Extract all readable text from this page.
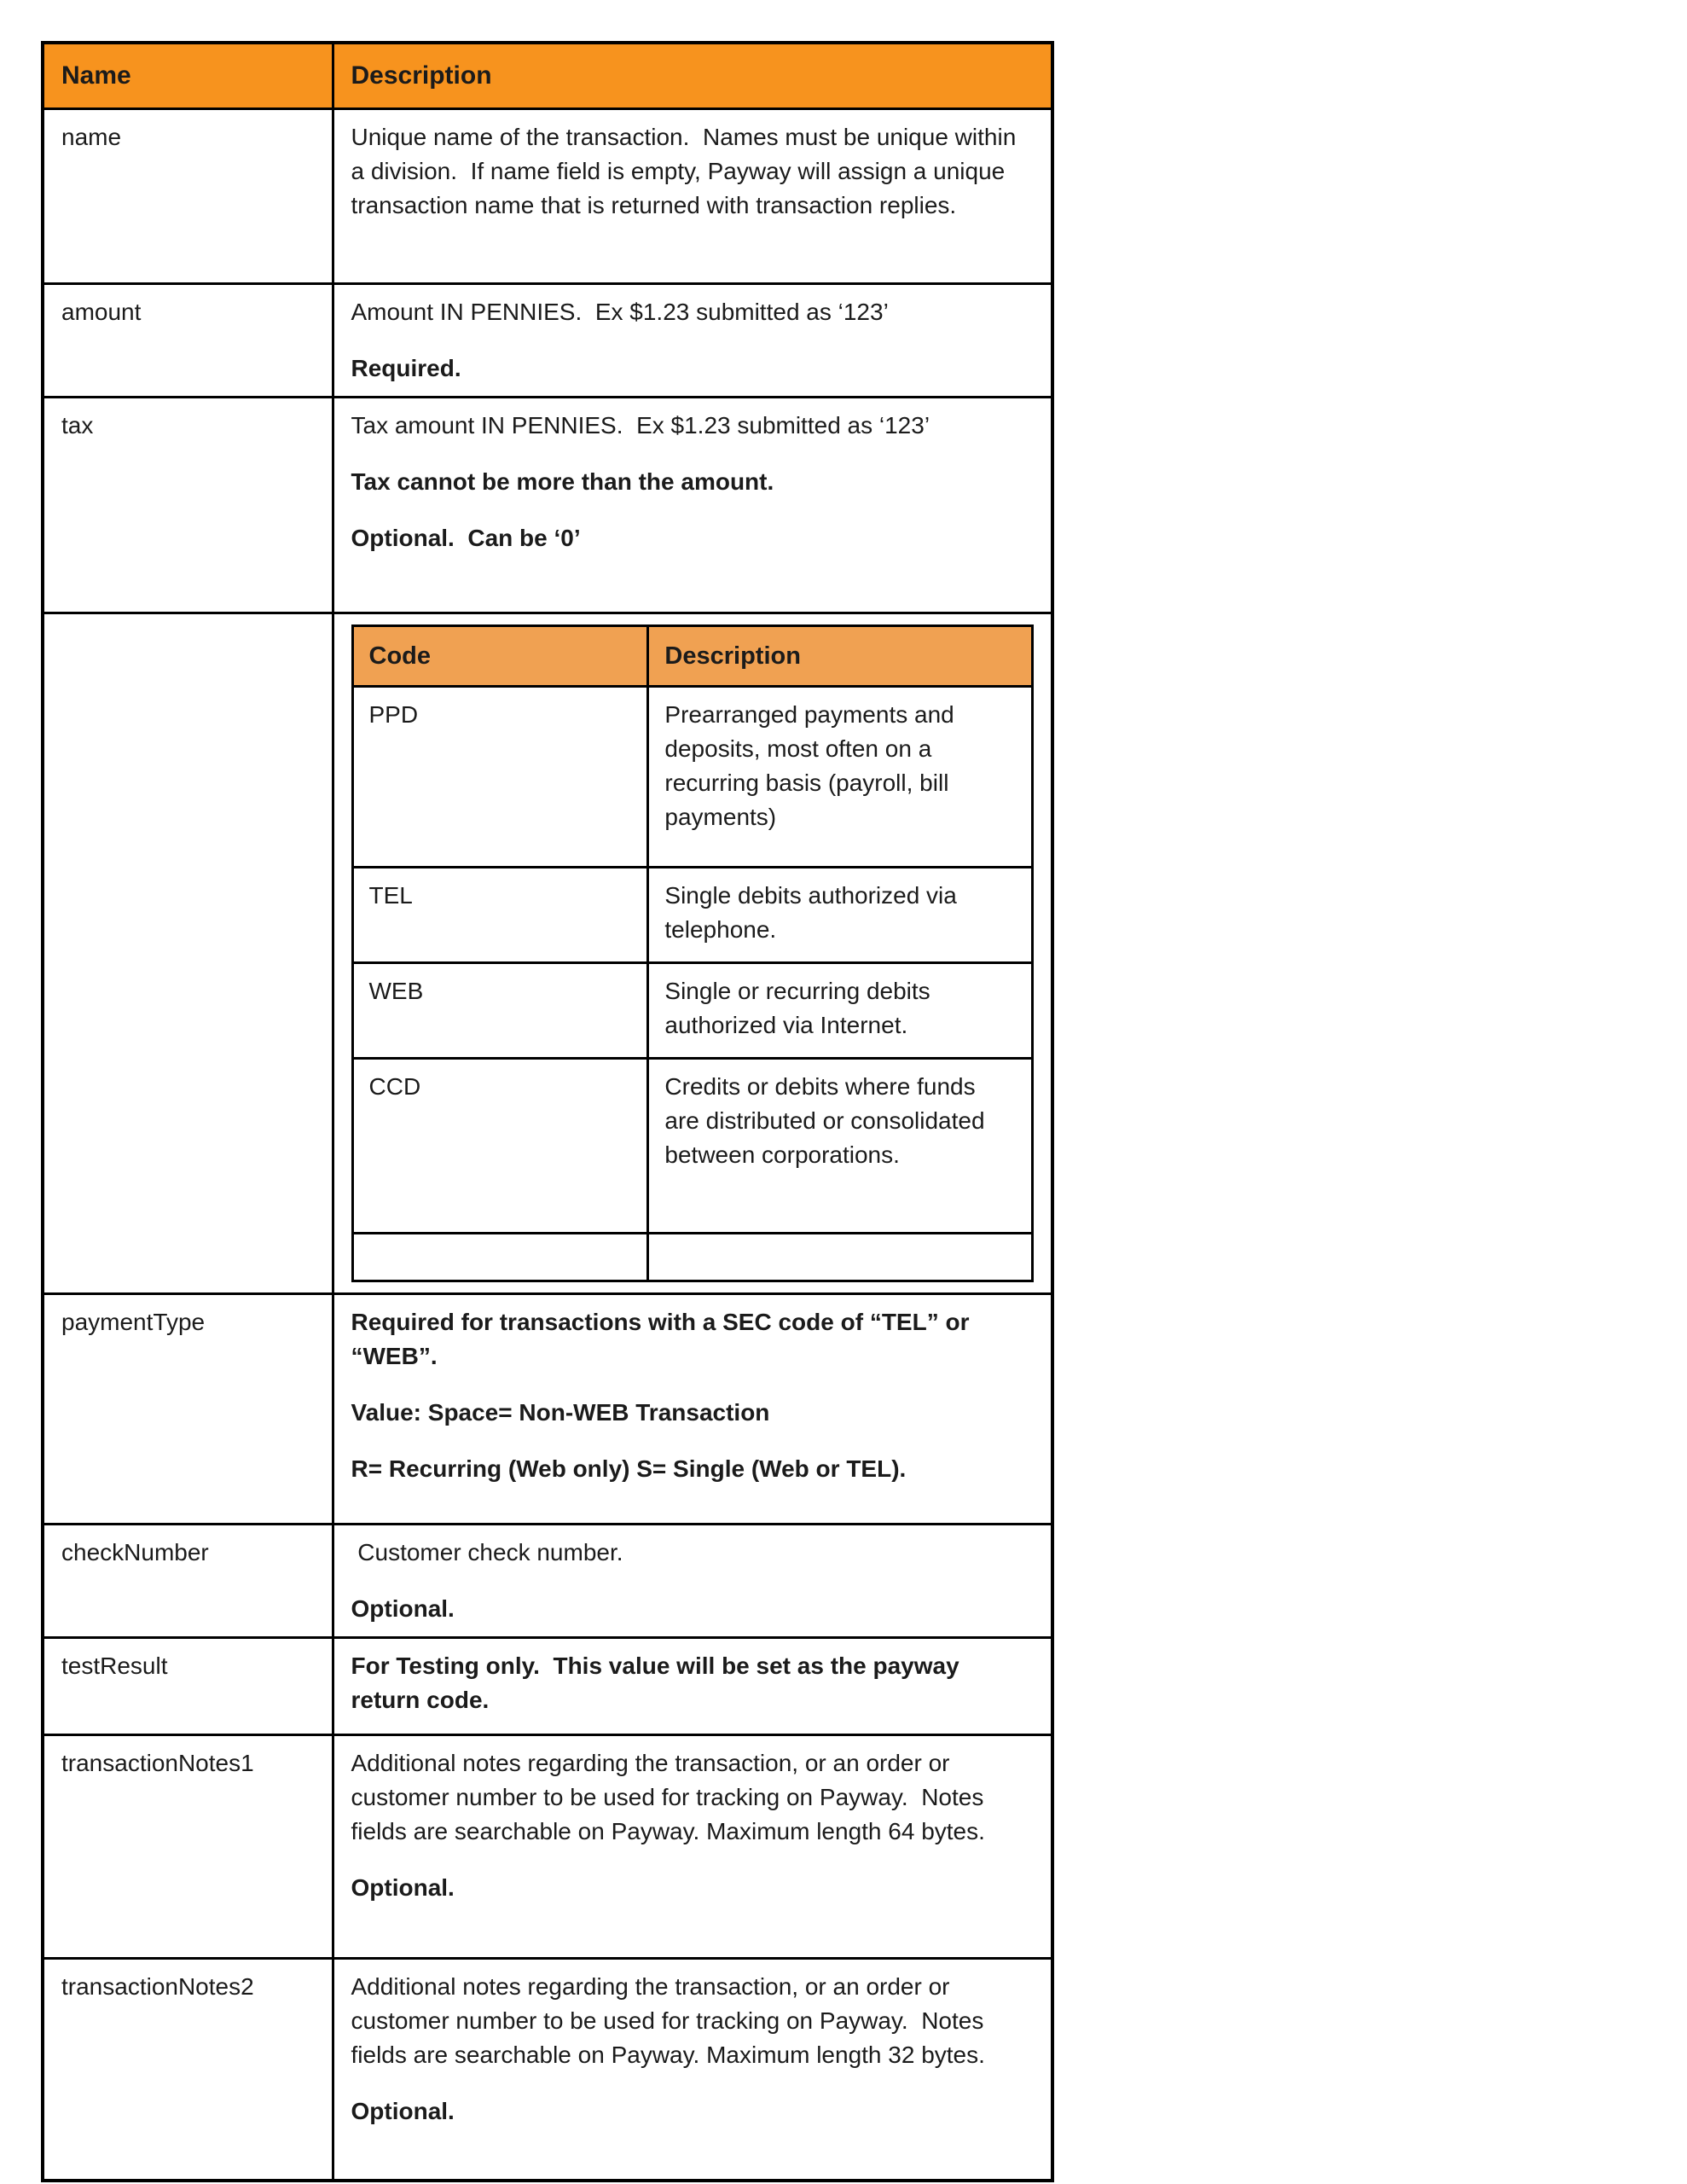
Name	Description
name	Unique name of the transaction.  Names must be unique within a division.  If name field is empty, Payway will assign a unique transaction name that is returned with transaction replies.

amount	Amount IN PENNIES.  Ex $1.23 submitted as ‘123’

Required.

tax	Tax amount IN PENNIES.  Ex $1.23 submitted as ‘123’

Tax cannot be more than the amount.

Optional.  Can be ‘0’

Code	Description
PPD	Prearranged payments and deposits, most often on a recurring basis (payroll, bill payments)
TEL	Single debits authorized via telephone.
WEB	Single or recurring debits authorized via Internet.
CCD	Credits or debits where funds are distributed or consolidated between corporations.

paymentType	Required for transactions with a SEC code of “TEL” or “WEB”.

Value: Space= Non-WEB Transaction

R= Recurring (Web only) S= Single (Web or TEL).

checkNumber	Customer check number.

Optional.

testResult	For Testing only.  This value will be set as the payway return code.

transactionNotes1	Additional notes regarding the transaction, or an order or customer number to be used for tracking on Payway.  Notes fields are searchable on Payway. Maximum length 64 bytes.

Optional.

transactionNotes2	Additional notes regarding the transaction, or an order or customer number to be used for tracking on Payway.  Notes fields are searchable on Payway. Maximum length 32 bytes.

Optional.
